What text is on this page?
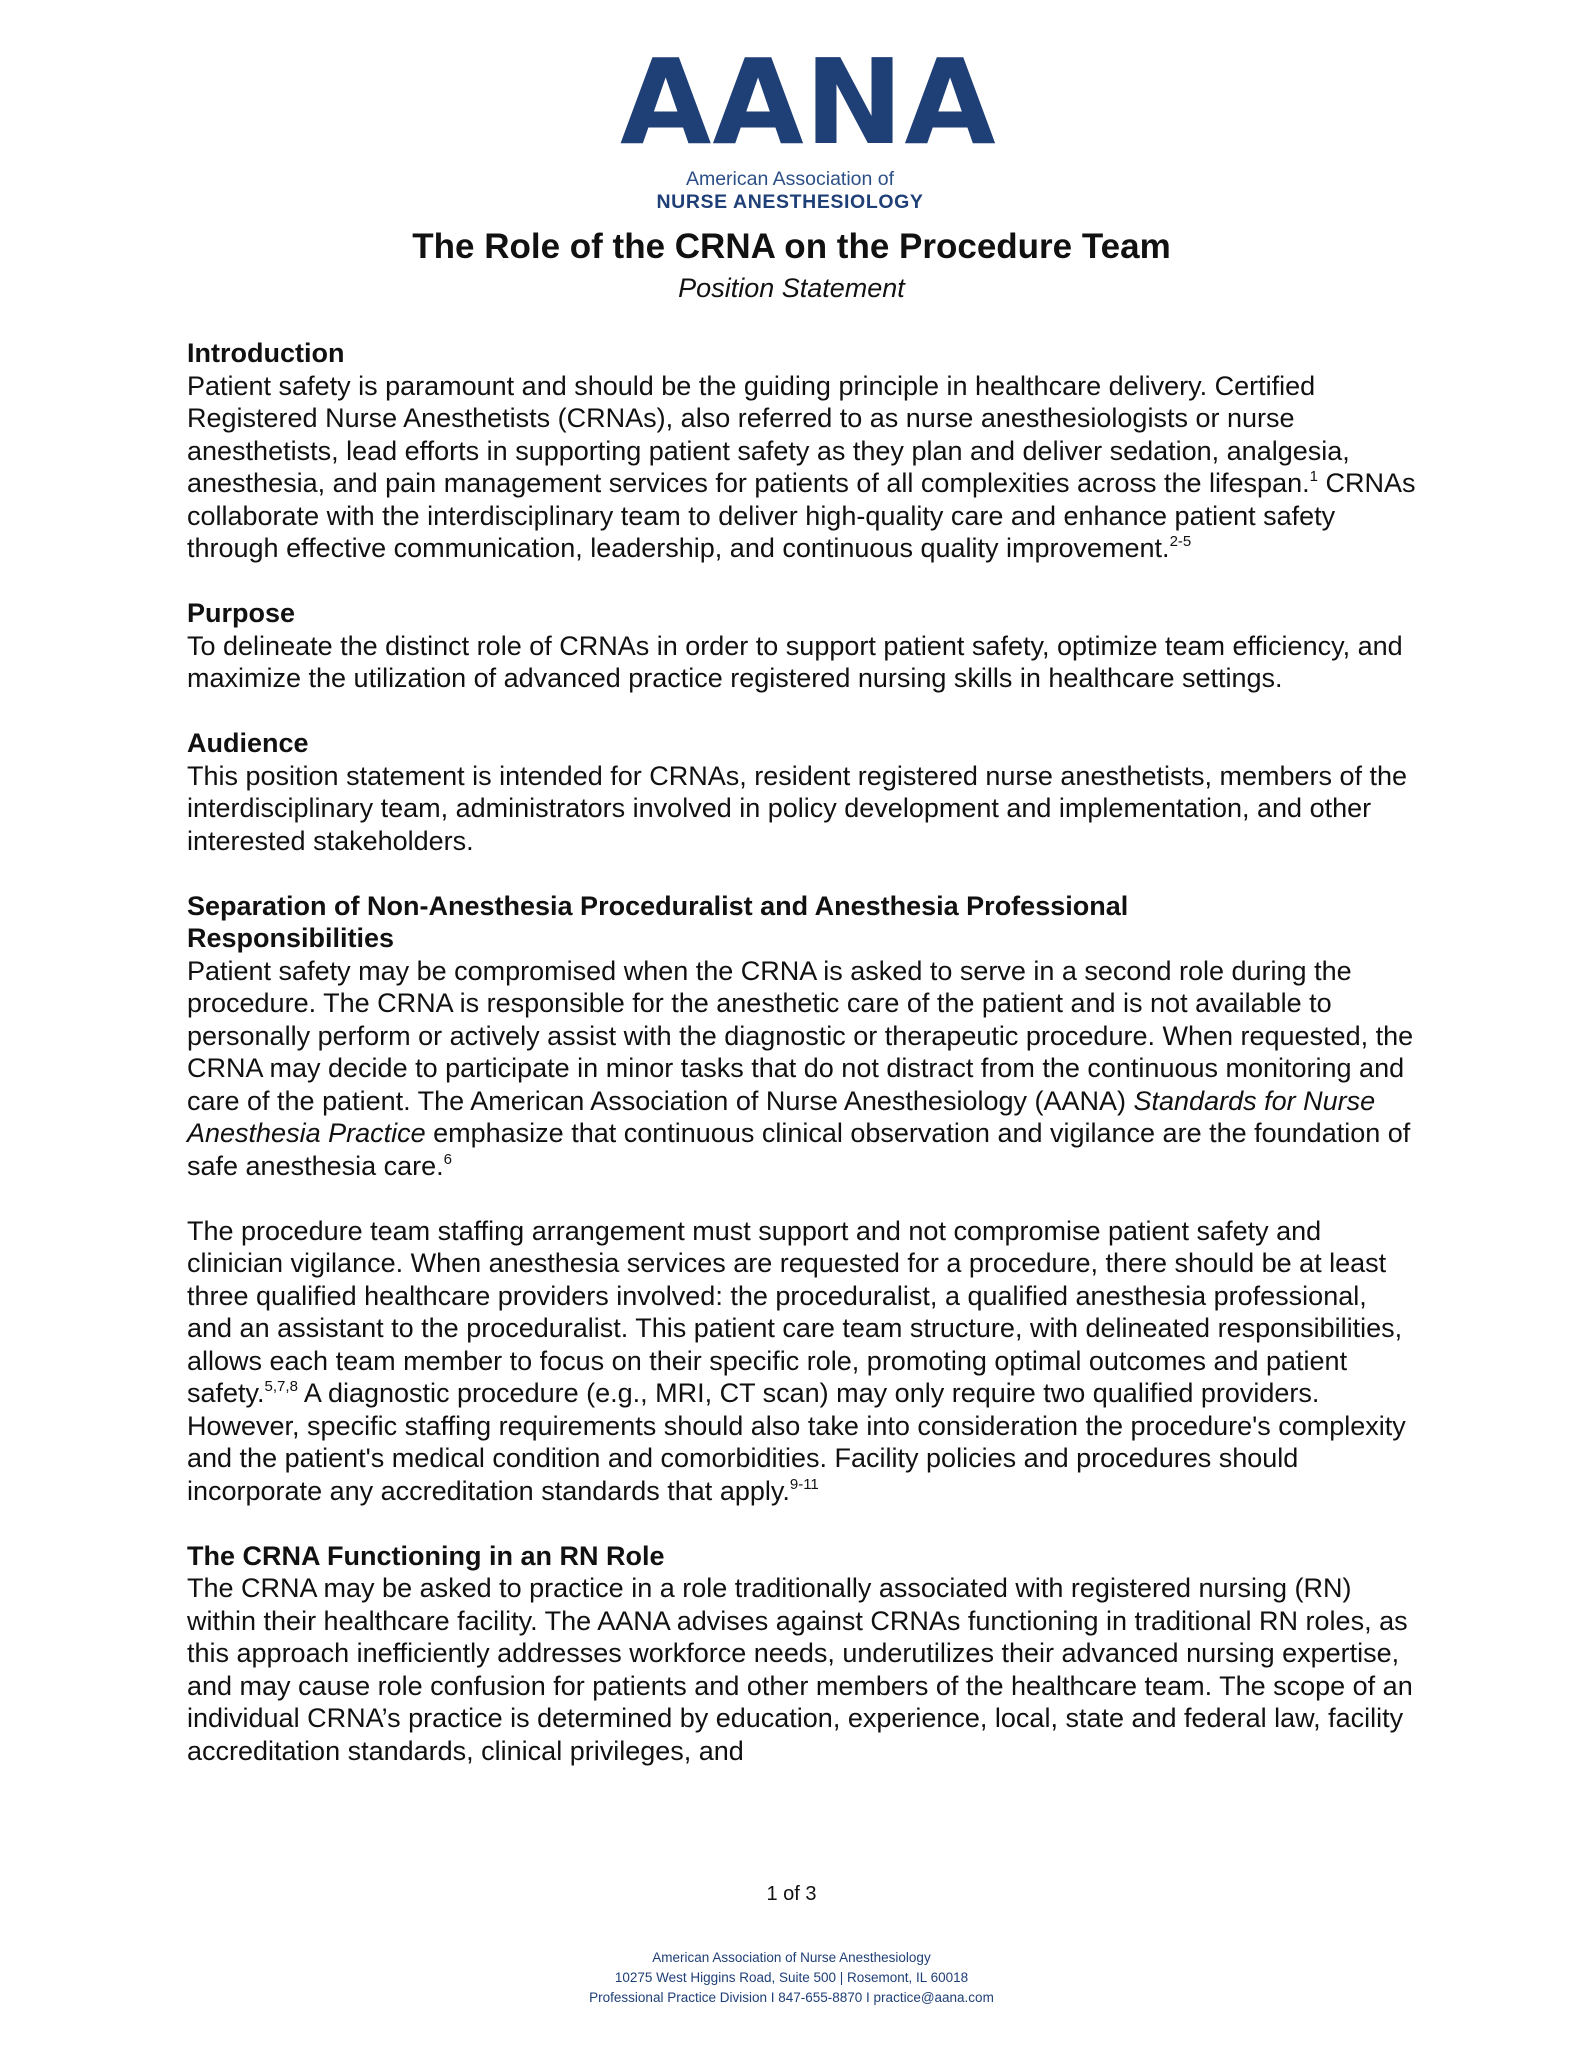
AANA
American Association of
NURSE ANESTHESIOLOGY
The Role of the CRNA on the Procedure Team
Position Statement
Introduction

Patient safety is paramount and should be the guiding principle in healthcare delivery. Certified Registered Nurse Anesthetists (CRNAs), also referred to as nurse anesthesiologists or nurse anesthetists, lead efforts in supporting patient safety as they plan and deliver sedation, analgesia, anesthesia, and pain management services for patients of all complexities across the lifespan.$^1$ CRNAs collaborate with the interdisciplinary team to deliver high-quality care and enhance patient safety through effective communication, leadership, and continuous quality improvement.$^{2-5}$

Purpose

To delineate the distinct role of CRNAs in order to support patient safety, optimize team efficiency, and maximize the utilization of advanced practice registered nursing skills in healthcare settings.

Audience

This position statement is intended for CRNAs, resident registered nurse anesthetists, members of the interdisciplinary team, administrators involved in policy development and implementation, and other interested stakeholders.

Separation of Non-Anesthesia Proceduralist and Anesthesia Professional
Responsibilities

Patient safety may be compromised when the CRNA is asked to serve in a second role during the procedure. The CRNA is responsible for the anesthetic care of the patient and is not available to personally perform or actively assist with the diagnostic or therapeutic procedure. When requested, the CRNA may decide to participate in minor tasks that do not distract from the continuous monitoring and care of the patient. The American Association of Nurse Anesthesiology (AANA) Standards for Nurse Anesthesia Practice emphasize that continuous clinical observation and vigilance are the foundation of safe anesthesia care.$^6$

The procedure team staffing arrangement must support and not compromise patient safety and clinician vigilance. When anesthesia services are requested for a procedure, there should be at least three qualified healthcare providers involved: the proceduralist, a qualified anesthesia professional, and an assistant to the proceduralist. This patient care team structure, with delineated responsibilities, allows each team member to focus on their specific role, promoting optimal outcomes and patient safety.$^{5,7,8}$ A diagnostic procedure (e.g., MRI, CT scan) may only require two qualified providers. However, specific staffing requirements should also take into consideration the procedure's complexity and the patient's medical condition and comorbidities. Facility policies and procedures should incorporate any accreditation standards that apply.$^{9-11}$

The CRNA Functioning in an RN Role

The CRNA may be asked to practice in a role traditionally associated with registered nursing (RN) within their healthcare facility. The AANA advises against CRNAs functioning in traditional RN roles, as this approach inefficiently addresses workforce needs, underutilizes their advanced nursing expertise, and may cause role confusion for patients and other members of the healthcare team. The scope of an individual CRNA’s practice is determined by education, experience, local, state and federal law, facility accreditation standards, clinical privileges, and

1 of 3
American Association of Nurse Anesthesiology
10275 West Higgins Road, Suite 500 | Rosemont, IL 60018
Professional Practice Division I 847-655-8870 I practice@aana.com
